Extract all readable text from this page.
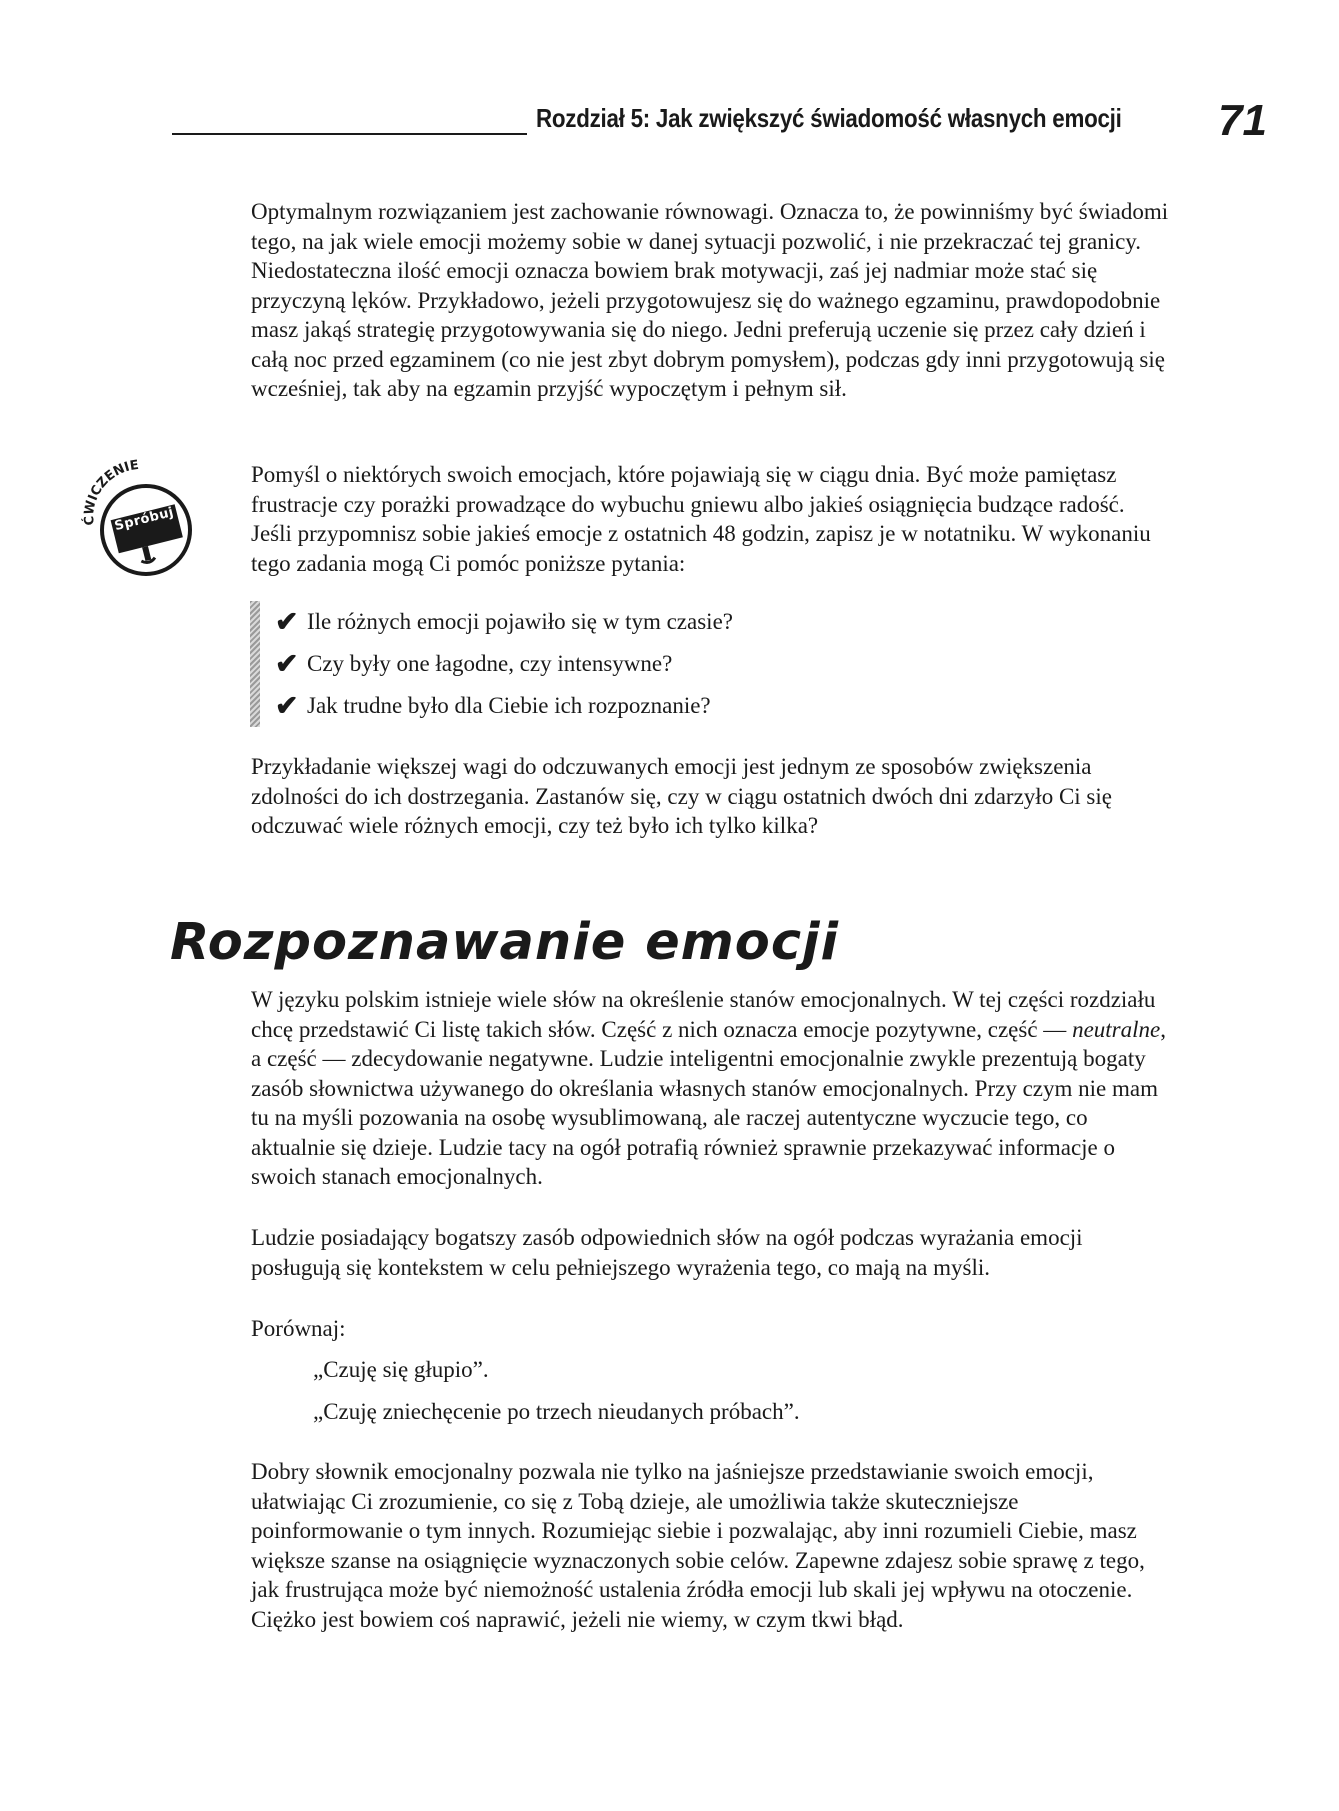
Rozdział 5: Jak zwiększyć świadomość własnych emocji 71

Optymalnym rozwiązaniem jest zachowanie równowagi. Oznacza to, że powinniśmy być świadomi tego, na jak wiele emocji możemy sobie w danej sytuacji pozwolić, i nie przekraczać tej granicy. Niedostateczna ilość emocji oznacza bowiem brak motywacji, zaś jej nadmiar może stać się przyczyną lęków. Przykładowo, jeżeli przygotowujesz się do ważnego egzaminu, prawdopodobnie masz jakąś strategię przygotowywania się do niego. Jedni preferują uczenie się przez cały dzień i całą noc przed egzaminem (co nie jest zbyt dobrym pomysłem), podczas gdy inni przygotowują się wcześniej, tak aby na egzamin przyjść wypoczętym i pełnym sił.

ĆWICZENIE
Spróbuj

Pomyśl o niektórych swoich emocjach, które pojawiają się w ciągu dnia. Być może pamiętasz frustracje czy porażki prowadzące do wybuchu gniewu albo jakieś osiągnięcia budzące radość. Jeśli przypomnisz sobie jakieś emocje z ostatnich 48 godzin, zapisz je w notatniku. W wykonaniu tego zadania mogą Ci pomóc poniższe pytania:

✔ Ile różnych emocji pojawiło się w tym czasie?
✔ Czy były one łagodne, czy intensywne?
✔ Jak trudne było dla Ciebie ich rozpoznanie?

Przykładanie większej wagi do odczuwanych emocji jest jednym ze sposobów zwiększenia zdolności do ich dostrzegania. Zastanów się, czy w ciągu ostatnich dwóch dni zdarzyło Ci się odczuwać wiele różnych emocji, czy też było ich tylko kilka?

Rozpoznawanie emocji

W języku polskim istnieje wiele słów na określenie stanów emocjonalnych. W tej części rozdziału chcę przedstawić Ci listę takich słów. Część z nich oznacza emocje pozytywne, część — neutralne, a część — zdecydowanie negatywne. Ludzie inteligentni emocjonalnie zwykle prezentują bogaty zasób słownictwa używanego do określania własnych stanów emocjonalnych. Przy czym nie mam tu na myśli pozowania na osobę wysublimowaną, ale raczej autentyczne wyczucie tego, co aktualnie się dzieje. Ludzie tacy na ogół potrafią również sprawnie przekazywać informacje o swoich stanach emocjonalnych.

Ludzie posiadający bogatszy zasób odpowiednich słów na ogół podczas wyrażania emocji posługują się kontekstem w celu pełniejszego wyrażenia tego, co mają na myśli.

Porównaj:

„Czuję się głupio”.

„Czuję zniechęcenie po trzech nieudanych próbach”.

Dobry słownik emocjonalny pozwala nie tylko na jaśniejsze przedstawianie swoich emocji, ułatwiając Ci zrozumienie, co się z Tobą dzieje, ale umożliwia także skuteczniejsze poinformowanie o tym innych. Rozumiejąc siebie i pozwalając, aby inni rozumieli Ciebie, masz większe szanse na osiągnięcie wyznaczonych sobie celów. Zapewne zdajesz sobie sprawę z tego, jak frustrująca może być niemożność ustalenia źródła emocji lub skali jej wpływu na otoczenie. Ciężko jest bowiem coś naprawić, jeżeli nie wiemy, w czym tkwi błąd.
